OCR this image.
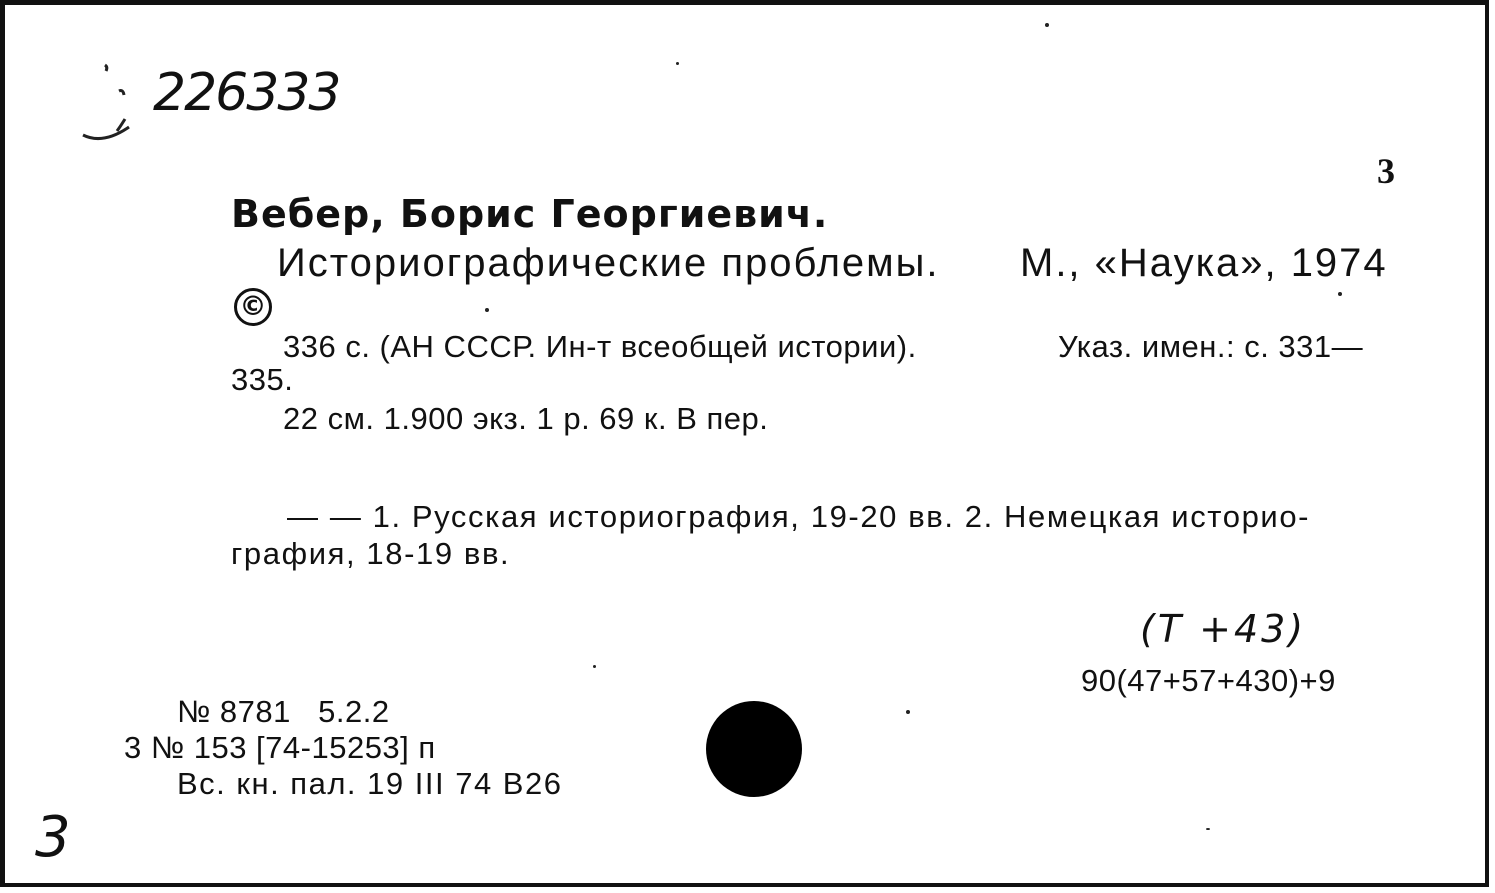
226333
3
Вебер, Борис Георгиевич.
Историографические проблемы. М., «Наука», 1974
©
336 с. (АН СССР. Ин-т всеобщей истории).	Указ. имен.: с. 331—
335.
22 см. 1.900 экз. 1 р. 69 к. В пер.
— — 1. Русская историография, 19-20 вв. 2. Немецкая историо-
графия, 18-19 вв.
(Т +43)
90(47+57+430)+9
№ 8781   5.2.2
3 № 153 [74-15253] п
Вс. кн. пал. 19 III 74 В26
3
